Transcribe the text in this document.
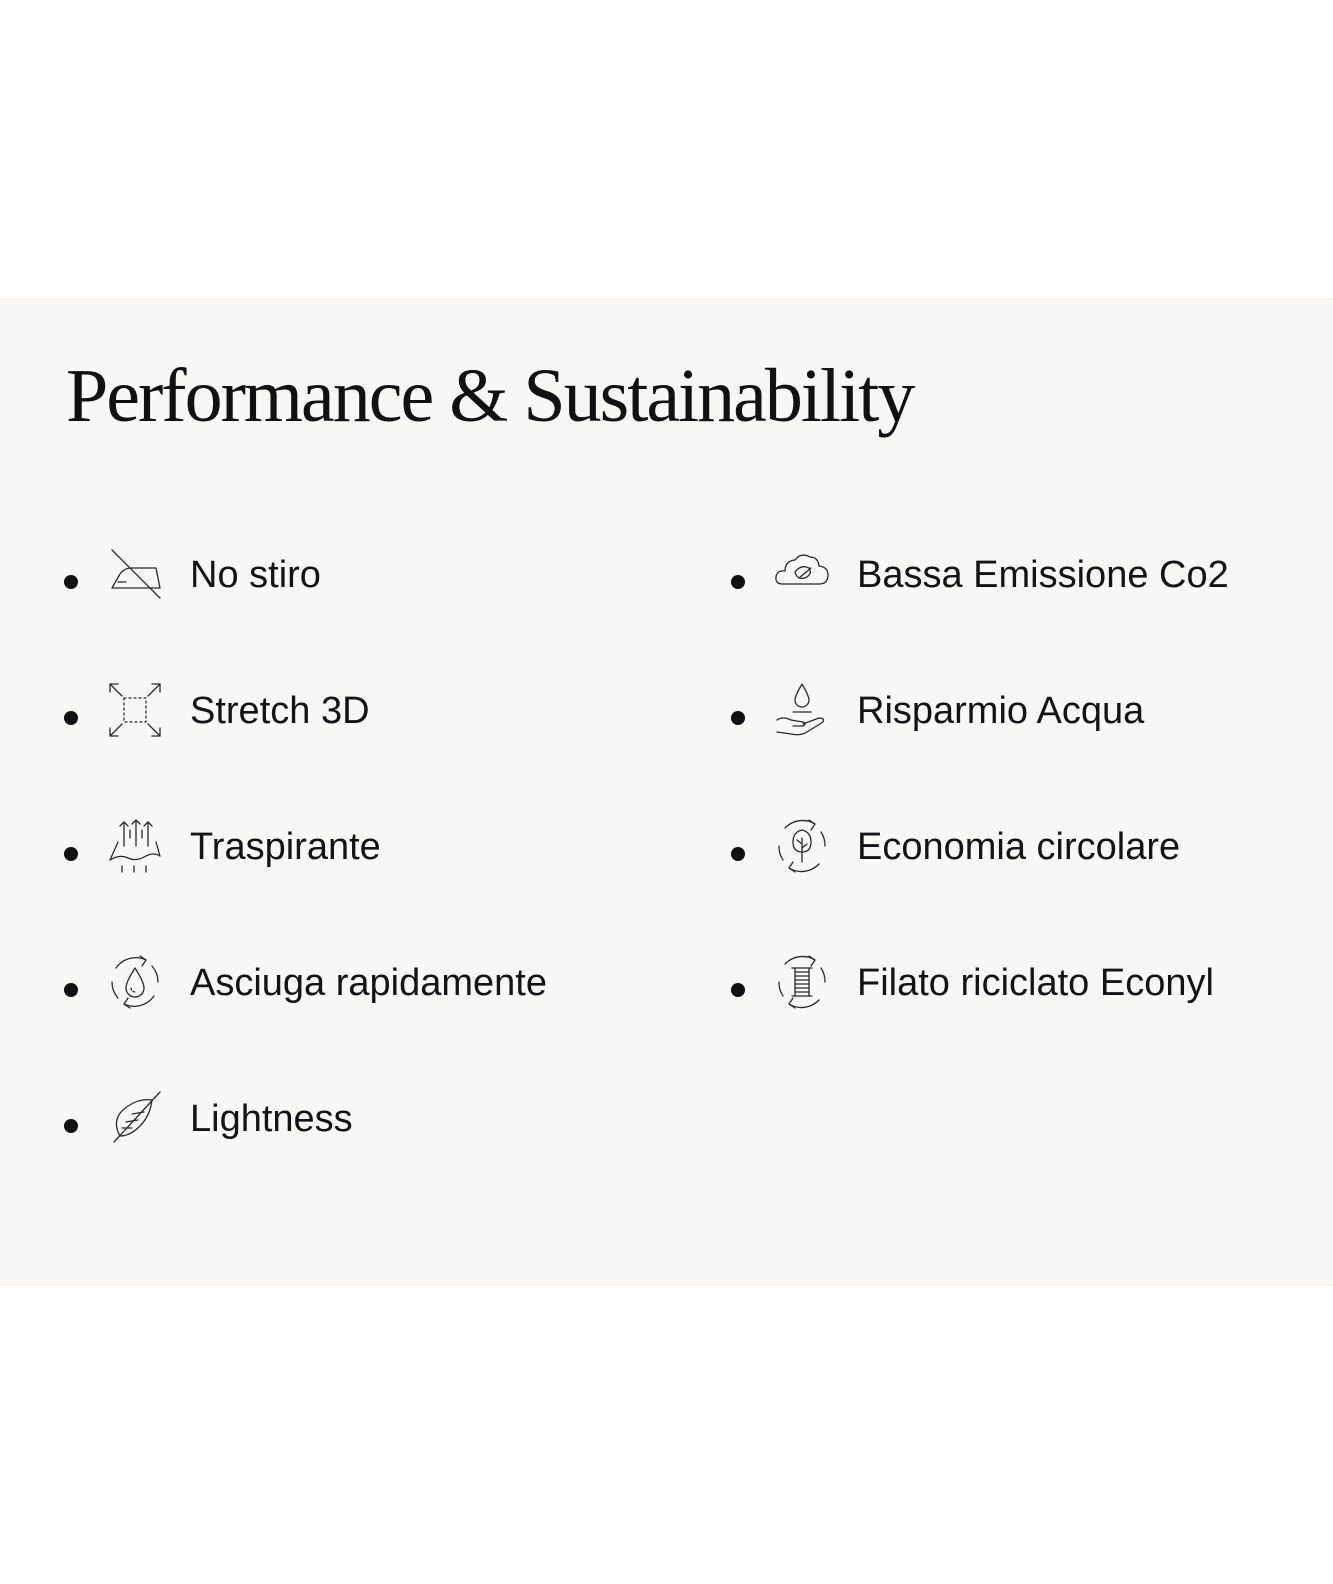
Performance & Sustainability
No stiro
Stretch 3D
Traspirante
Asciuga rapidamente
Lightness
Bassa Emissione Co2
Risparmio Acqua
Economia circolare
Filato riciclato Econyl
